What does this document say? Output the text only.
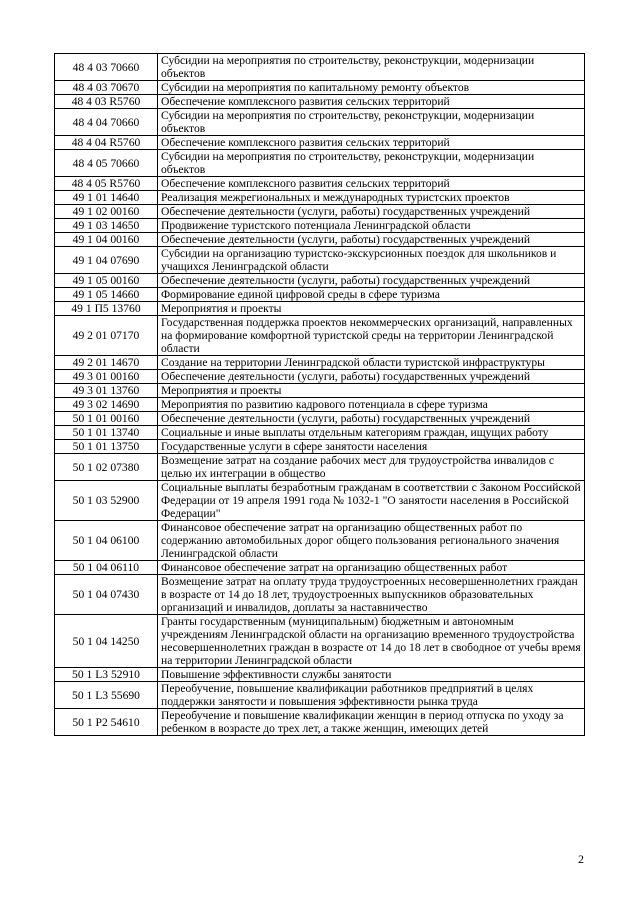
48 4 03 70660	Субсидии на мероприятия по строительству, реконструкции, модернизации объектов
48 4 03 70670	Субсидии на мероприятия по капитальному ремонту объектов
48 4 03 R5760	Обеспечение комплексного развития сельских территорий
48 4 04 70660	Субсидии на мероприятия по строительству, реконструкции, модернизации объектов
48 4 04 R5760	Обеспечение комплексного развития сельских территорий
48 4 05 70660	Субсидии на мероприятия по строительству, реконструкции, модернизации объектов
48 4 05 R5760	Обеспечение комплексного развития сельских территорий
49 1 01 14640	Реализация межрегиональных и международных туристских проектов
49 1 02 00160	Обеспечение деятельности (услуги, работы) государственных учреждений
49 1 03 14650	Продвижение туристского потенциала Ленинградской области
49 1 04 00160	Обеспечение деятельности (услуги, работы) государственных учреждений
49 1 04 07690	Субсидии на организацию туристско-экскурсионных поездок для школьников и учащихся Ленинградской области
49 1 05 00160	Обеспечение деятельности (услуги, работы) государственных учреждений
49 1 05 14660	Формирование единой цифровой среды в сфере туризма
49 1 П5 13760	Мероприятия и проекты
49 2 01 07170	Государственная поддержка проектов некоммерческих организаций, направленных на формирование комфортной туристской среды на территории Ленинградской области
49 2 01 14670	Создание на территории Ленинградской области туристской инфраструктуры
49 3 01 00160	Обеспечение деятельности (услуги, работы) государственных учреждений
49 3 01 13760	Мероприятия и проекты
49 3 02 14690	Мероприятия по развитию кадрового потенциала в сфере туризма
50 1 01 00160	Обеспечение деятельности (услуги, работы) государственных учреждений
50 1 01 13740	Социальные и иные выплаты отдельным категориям граждан, ищущих работу
50 1 01 13750	Государственные услуги в сфере занятости населения
50 1 02 07380	Возмещение затрат на создание рабочих мест для трудоустройства инвалидов с целью их интеграции в общество
50 1 03 52900	Социальные выплаты безработным гражданам в соответствии с Законом Российской Федерации от 19 апреля 1991 года № 1032-1 "О занятости населения в Российской Федерации"
50 1 04 06100	Финансовое обеспечение затрат на организацию общественных работ по содержанию автомобильных дорог общего пользования регионального значения Ленинградской области
50 1 04 06110	Финансовое обеспечение затрат на организацию общественных работ
50 1 04 07430	Возмещение затрат на оплату труда трудоустроенных несовершеннолетних граждан в возрасте от 14 до 18 лет, трудоустроенных выпускников образовательных организаций и инвалидов, доплаты за наставничество
50 1 04 14250	Гранты государственным (муниципальным) бюджетным и автономным учреждениям Ленинградской области на организацию временного трудоустройства несовершеннолетних граждан в возрасте от 14 до 18 лет в свободное от учебы время на территории Ленинградской области
50 1 L3 52910	Повышение эффективности службы занятости
50 1 L3 55690	Переобучение, повышение квалификации работников предприятий в целях поддержки занятости и повышения эффективности рынка труда
50 1 P2 54610	Переобучение и повышение квалификации женщин в период отпуска по уходу за ребенком в возрасте до трех лет, а также женщин, имеющих детей
2
